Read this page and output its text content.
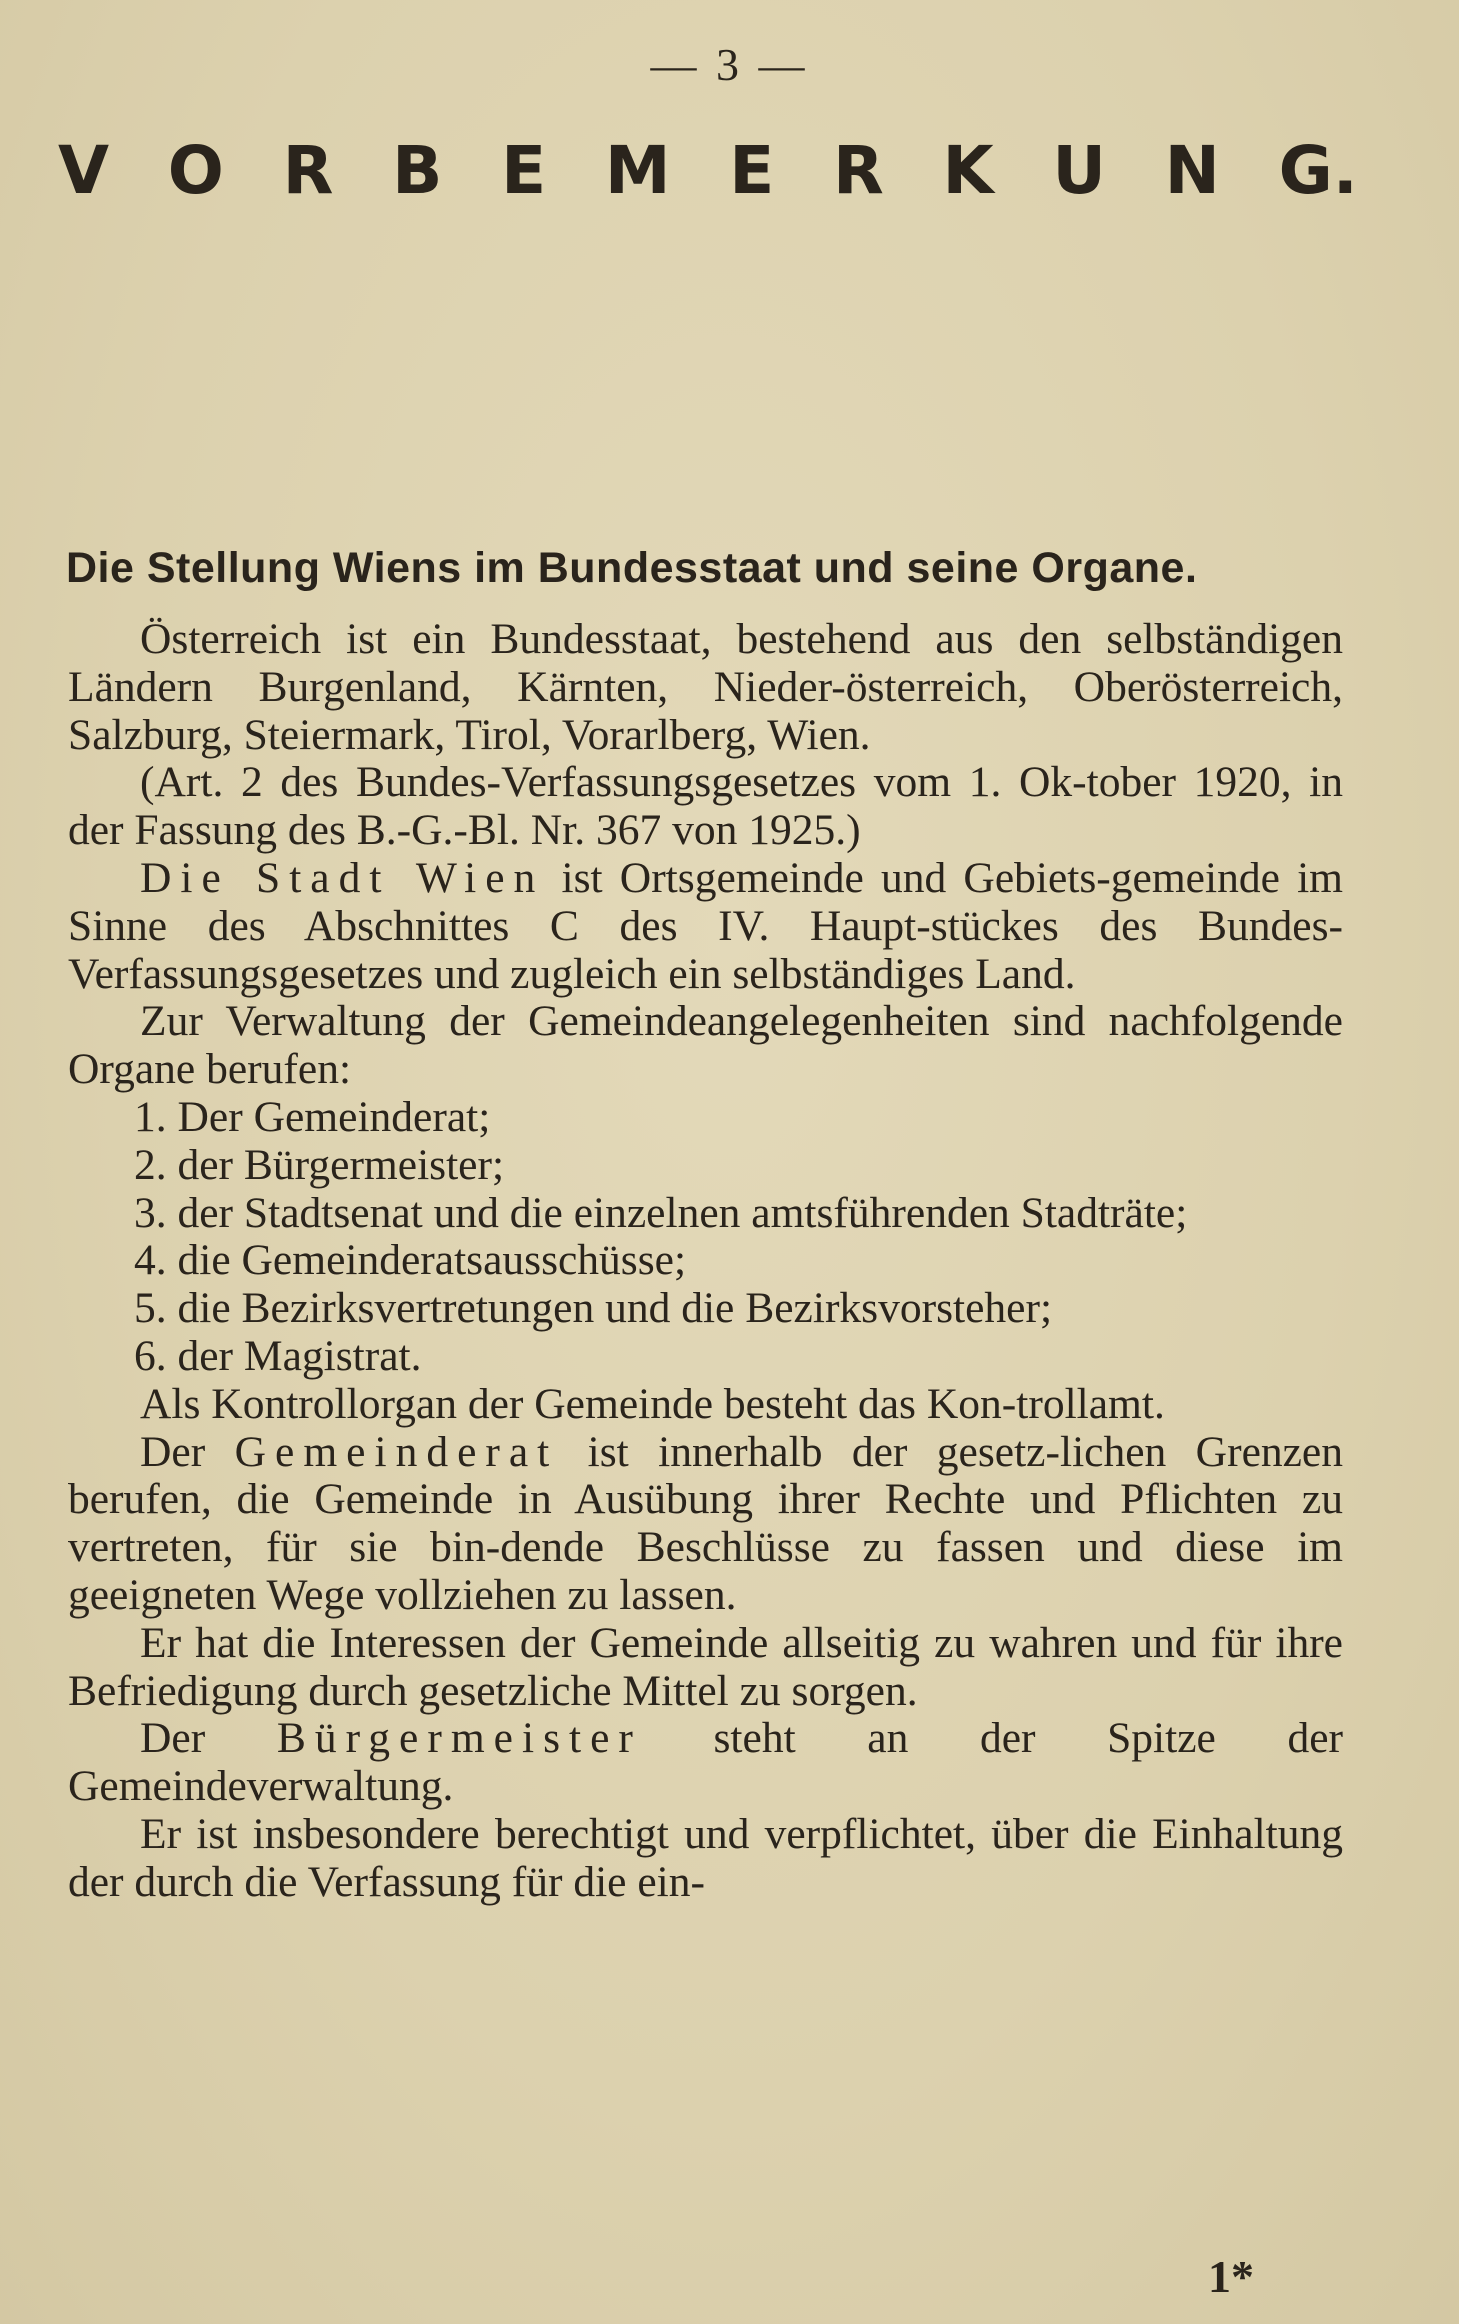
— 3 —
V O R B E M E R K U N G.
Die Stellung Wiens im Bundesstaat und seine Organe.

Österreich ist ein Bundesstaat, bestehend aus den selbständigen Ländern Burgenland, Kärnten, Nieder-österreich, Oberösterreich, Salzburg, Steiermark, Tirol, Vorarlberg, Wien.

(Art. 2 des Bundes-Verfassungsgesetzes vom 1. Ok-tober 1920, in der Fassung des B.-G.-Bl. Nr. 367 von 1925.)

Die Stadt Wien ist Ortsgemeinde und Gebiets-gemeinde im Sinne des Abschnittes C des IV. Haupt-stückes des Bundes-Verfassungsgesetzes und zugleich ein selbständiges Land.

Zur Verwaltung der Gemeindeangelegenheiten sind nachfolgende Organe berufen:

1. Der Gemeinderat;

2. der Bürgermeister;

3. der Stadtsenat und die einzelnen amtsführenden Stadträte;

4. die Gemeinderatsausschüsse;

5. die Bezirksvertretungen und die Bezirksvorsteher;

6. der Magistrat.

Als Kontrollorgan der Gemeinde besteht das Kon-trollamt.

Der Gemeinderat ist innerhalb der gesetz-lichen Grenzen berufen, die Gemeinde in Ausübung ihrer Rechte und Pflichten zu vertreten, für sie bin-dende Beschlüsse zu fassen und diese im geeigneten Wege vollziehen zu lassen.

Er hat die Interessen der Gemeinde allseitig zu wahren und für ihre Befriedigung durch gesetzliche Mittel zu sorgen.

Der Bürgermeister steht an der Spitze der Gemeindeverwaltung.

Er ist insbesondere berechtigt und verpflichtet, über die Einhaltung der durch die Verfassung für die ein-

1*
